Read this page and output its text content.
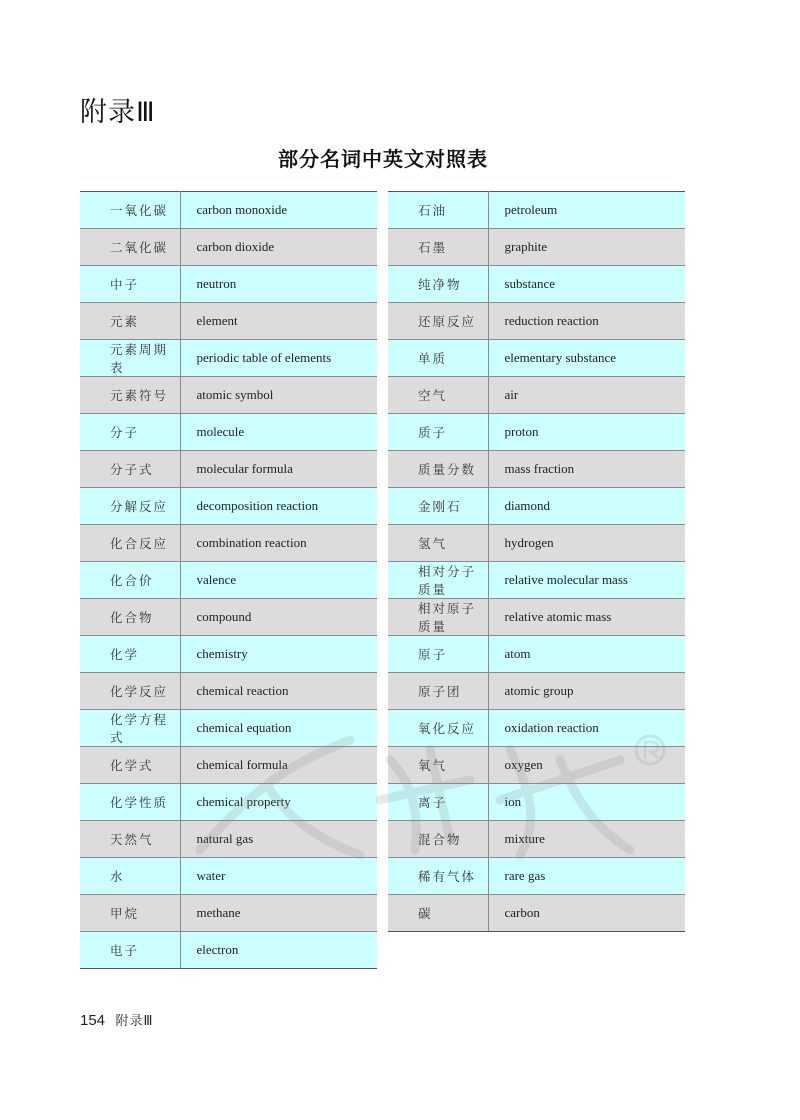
附录Ⅲ
部分名词中英文对照表
一氧化碳	carbon monoxide
二氧化碳	carbon dioxide
中子	neutron
元素	element
元素周期表	periodic table of elements
元素符号	atomic symbol
分子	molecule
分子式	molecular formula
分解反应	decomposition reaction
化合反应	combination reaction
化合价	valence
化合物	compound
化学	chemistry
化学反应	chemical reaction
化学方程式	chemical equation
化学式	chemical formula
化学性质	chemical property
天然气	natural gas
水	water
甲烷	methane
电子	electron
石油	petroleum
石墨	graphite
纯净物	substance
还原反应	reduction reaction
单质	elementary substance
空气	air
质子	proton
质量分数	mass fraction
金刚石	diamond
氢气	hydrogen
相对分子质量	relative molecular mass
相对原子质量	relative atomic mass
原子	atom
原子团	atomic group
氧化反应	oxidation reaction
氧气	oxygen
离子	ion
混合物	mixture
稀有气体	rare gas
碳	carbon
154 附录Ⅲ
